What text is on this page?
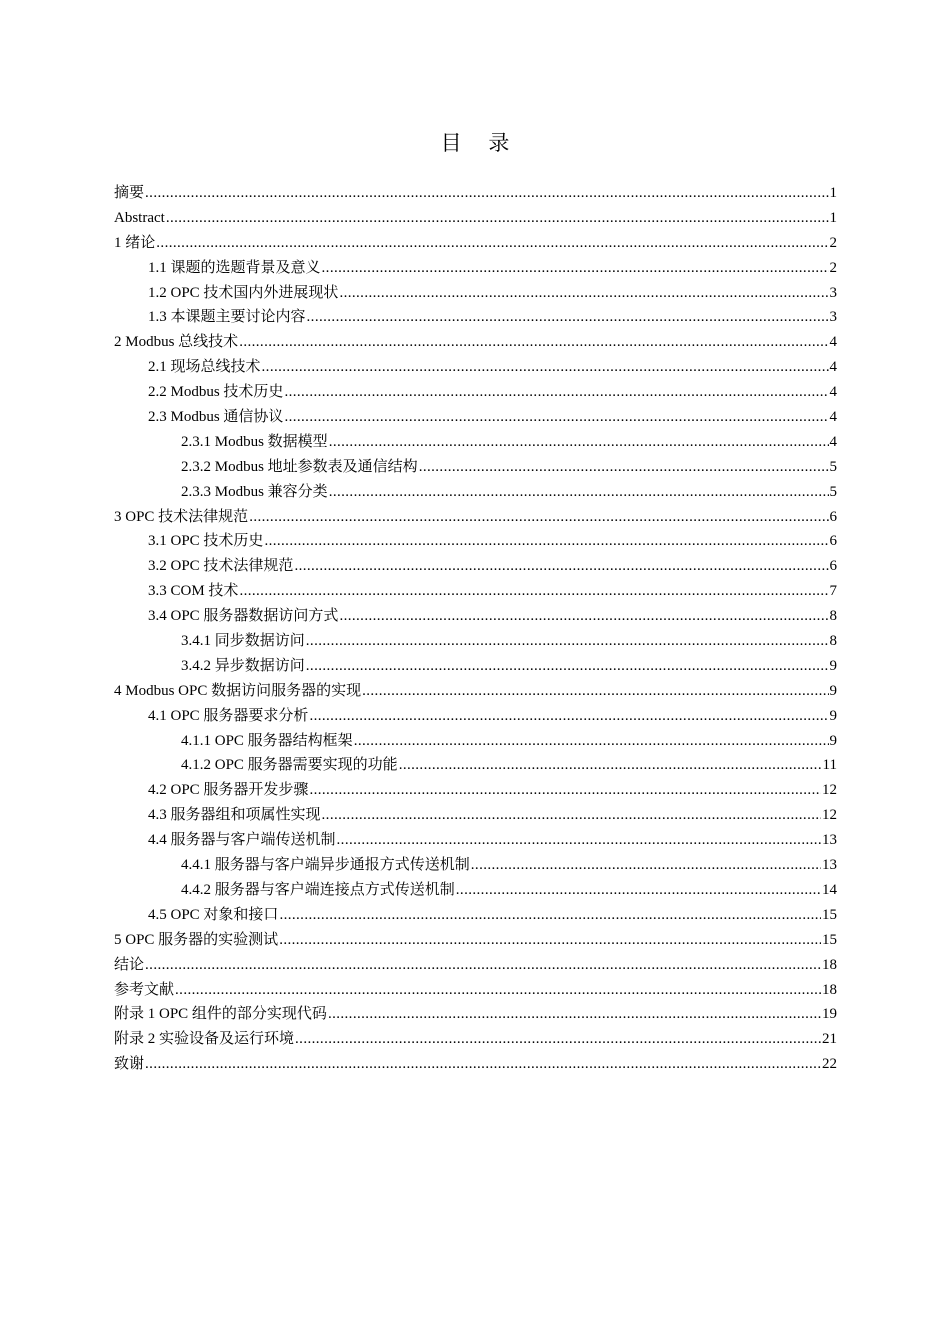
目 录
摘要 .....	1
Abstract .....	1
1 绪论 .....	2
1.1 课题的选题背景及意义 .....	2
1.2 OPC 技术国内外进展现状 .....	3
1.3 本课题主要讨论内容 .....	3
2 Modbus 总线技术 .....	4
2.1 现场总线技术 .....	4
2.2 Modbus 技术历史 .....	4
2.3 Modbus 通信协议 .....	4
2.3.1 Modbus 数据模型 .....	4
2.3.2 Modbus 地址参数表及通信结构 .....	5
2.3.3 Modbus 兼容分类 .....	5
3 OPC 技术法律规范 .....	6
3.1 OPC 技术历史 .....	6
3.2 OPC 技术法律规范 .....	6
3.3 COM 技术 .....	7
3.4 OPC 服务器数据访问方式 .....	8
3.4.1 同步数据访问 .....	8
3.4.2 异步数据访问 .....	9
4 Modbus OPC 数据访问服务器的实现 .....	9
4.1 OPC 服务器要求分析 .....	9
4.1.1 OPC 服务器结构框架 .....	9
4.1.2 OPC 服务器需要实现的功能 .....	11
4.2 OPC 服务器开发步骤 .....	12
4.3 服务器组和项属性实现 .....	12
4.4 服务器与客户端传送机制 .....	13
4.4.1 服务器与客户端异步通报方式传送机制 .....	13
4.4.2 服务器与客户端连接点方式传送机制 .....	14
4.5 OPC 对象和接口 .....	15
5 OPC 服务器的实验测试 .....	15
结论 .....	18
参考文献 .....	18
附录 1 OPC 组件的部分实现代码 .....	19
附录 2 实验设备及运行环境 .....	21
致谢 .....	22
